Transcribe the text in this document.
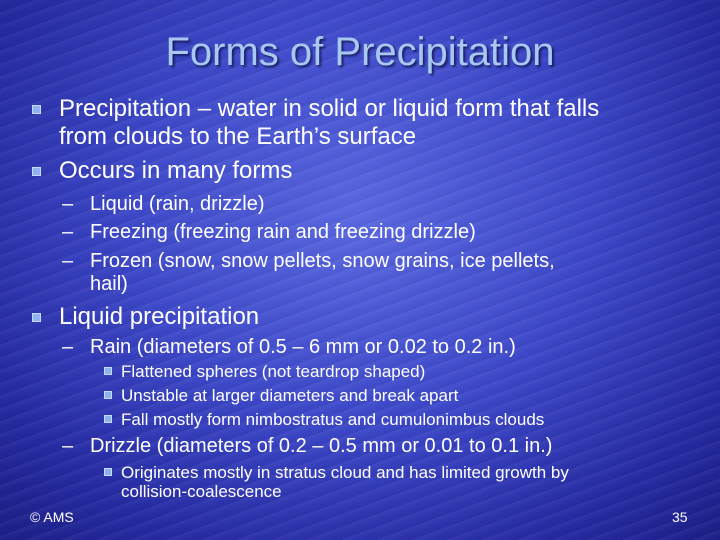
Forms of Precipitation
Precipitation – water in solid or liquid form that falls
from clouds to the Earth’s surface
Occurs in many forms
– Liquid (rain, drizzle)
– Freezing (freezing rain and freezing drizzle)
– Frozen (snow, snow pellets, snow grains, ice pellets,
hail)
Liquid precipitation
– Rain (diameters of 0.5 – 6 mm or 0.02 to 0.2 in.)
Flattened spheres (not teardrop shaped)
Unstable at larger diameters and break apart
Fall mostly form nimbostratus and cumulonimbus clouds
– Drizzle (diameters of 0.2 – 0.5 mm or 0.01 to 0.1 in.)
Originates mostly in stratus cloud and has limited growth by
collision-coalescence
© AMS	35
